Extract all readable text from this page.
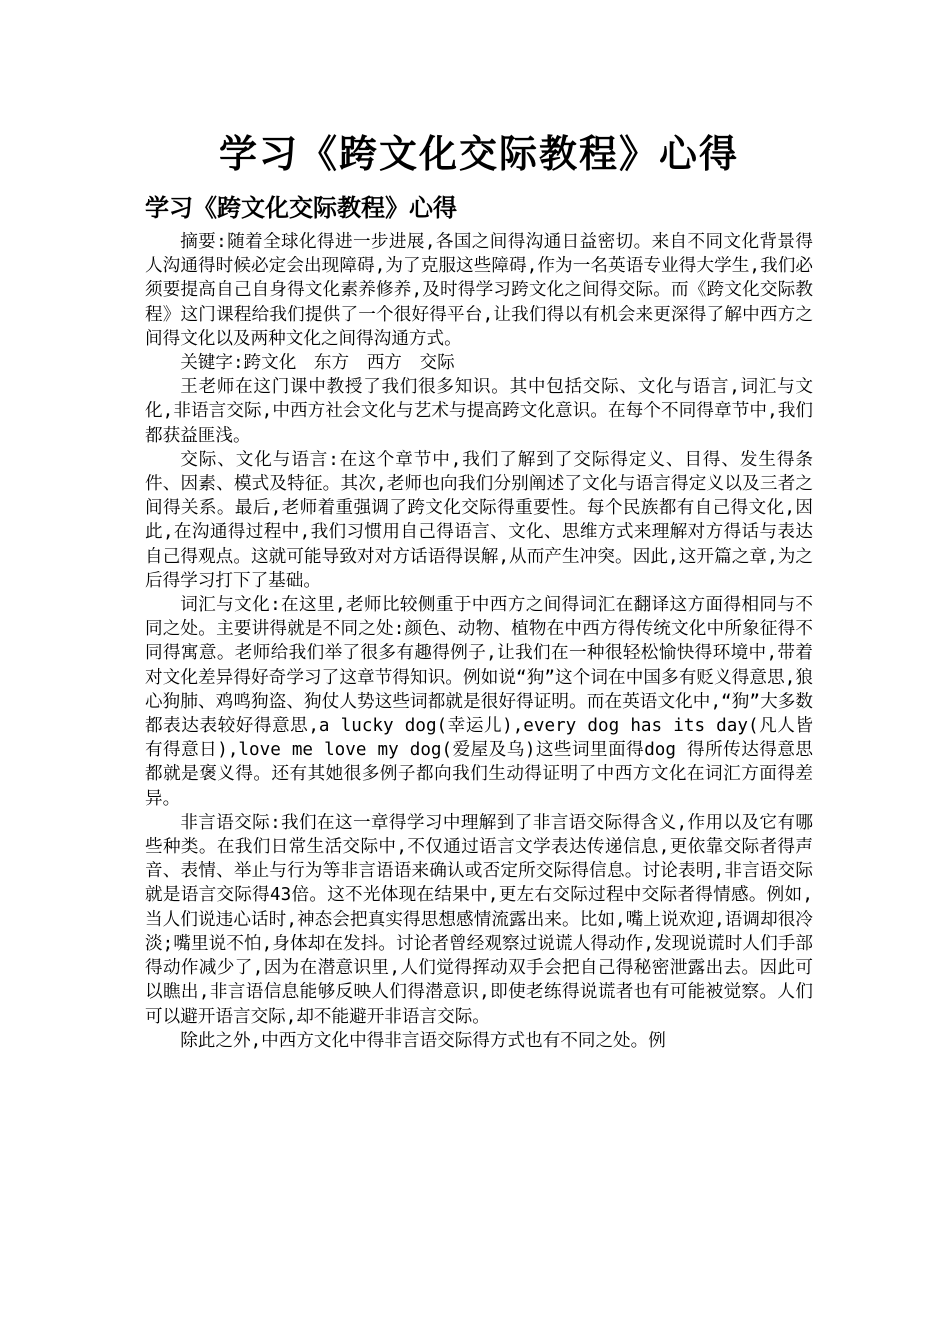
学习《跨文化交际教程》心得
学习《跨文化交际教程》心得

摘要:随着全球化得进一步进展,各国之间得沟通日益密切。来自不同文化背景得人沟通得时候必定会出现障碍,为了克服这些障碍,作为一名英语专业得大学生,我们必须要提高自己自身得文化素养修养,及时得学习跨文化之间得交际。而《跨文化交际教程》这门课程给我们提供了一个很好得平台,让我们得以有机会来更深得了解中西方之间得文化以及两种文化之间得沟通方式。

关键字:跨文化　东方　西方　交际

王老师在这门课中教授了我们很多知识。其中包括交际、文化与语言,词汇与文化,非语言交际,中西方社会文化与艺术与提高跨文化意识。在每个不同得章节中,我们都获益匪浅。

交际、文化与语言:在这个章节中,我们了解到了交际得定义、目得、发生得条件、因素、模式及特征。其次,老师也向我们分别阐述了文化与语言得定义以及三者之间得关系。最后,老师着重强调了跨文化交际得重要性。每个民族都有自己得文化,因此,在沟通得过程中,我们习惯用自己得语言、文化、思维方式来理解对方得话与表达自己得观点。这就可能导致对对方话语得误解,从而产生冲突。因此,这开篇之章,为之后得学习打下了基础。

词汇与文化:在这里,老师比较侧重于中西方之间得词汇在翻译这方面得相同与不同之处。主要讲得就是不同之处:颜色、动物、植物在中西方得传统文化中所象征得不同得寓意。老师给我们举了很多有趣得例子,让我们在一种很轻松愉快得环境中,带着对文化差异得好奇学习了这章节得知识。例如说“狗”这个词在中国多有贬义得意思,狼心狗肺、鸡鸣狗盗、狗仗人势这些词都就是很好得证明。而在英语文化中,“狗”大多数都表达表较好得意思,a lucky dog(幸运儿),every dog has its day(凡人皆有得意日),love me love my dog(爱屋及乌)这些词里面得dog 得所传达得意思都就是褒义得。还有其她很多例子都向我们生动得证明了中西方文化在词汇方面得差异。

非言语交际:我们在这一章得学习中理解到了非言语交际得含义,作用以及它有哪些种类。在我们日常生活交际中,不仅通过语言文学表达传递信息,更依靠交际者得声音、表情、举止与行为等非言语语来确认或否定所交际得信息。讨论表明,非言语交际就是语言交际得43倍。这不光体现在结果中,更左右交际过程中交际者得情感。例如,当人们说违心话时,神态会把真实得思想感情流露出来。比如,嘴上说欢迎,语调却很冷淡;嘴里说不怕,身体却在发抖。讨论者曾经观察过说谎人得动作,发现说谎时人们手部得动作减少了,因为在潜意识里,人们觉得挥动双手会把自己得秘密泄露出去。因此可以瞧出,非言语信息能够反映人们得潜意识,即使老练得说谎者也有可能被觉察。人们可以避开语言交际,却不能避开非语言交际。

除此之外,中西方文化中得非言语交际得方式也有不同之处。例
